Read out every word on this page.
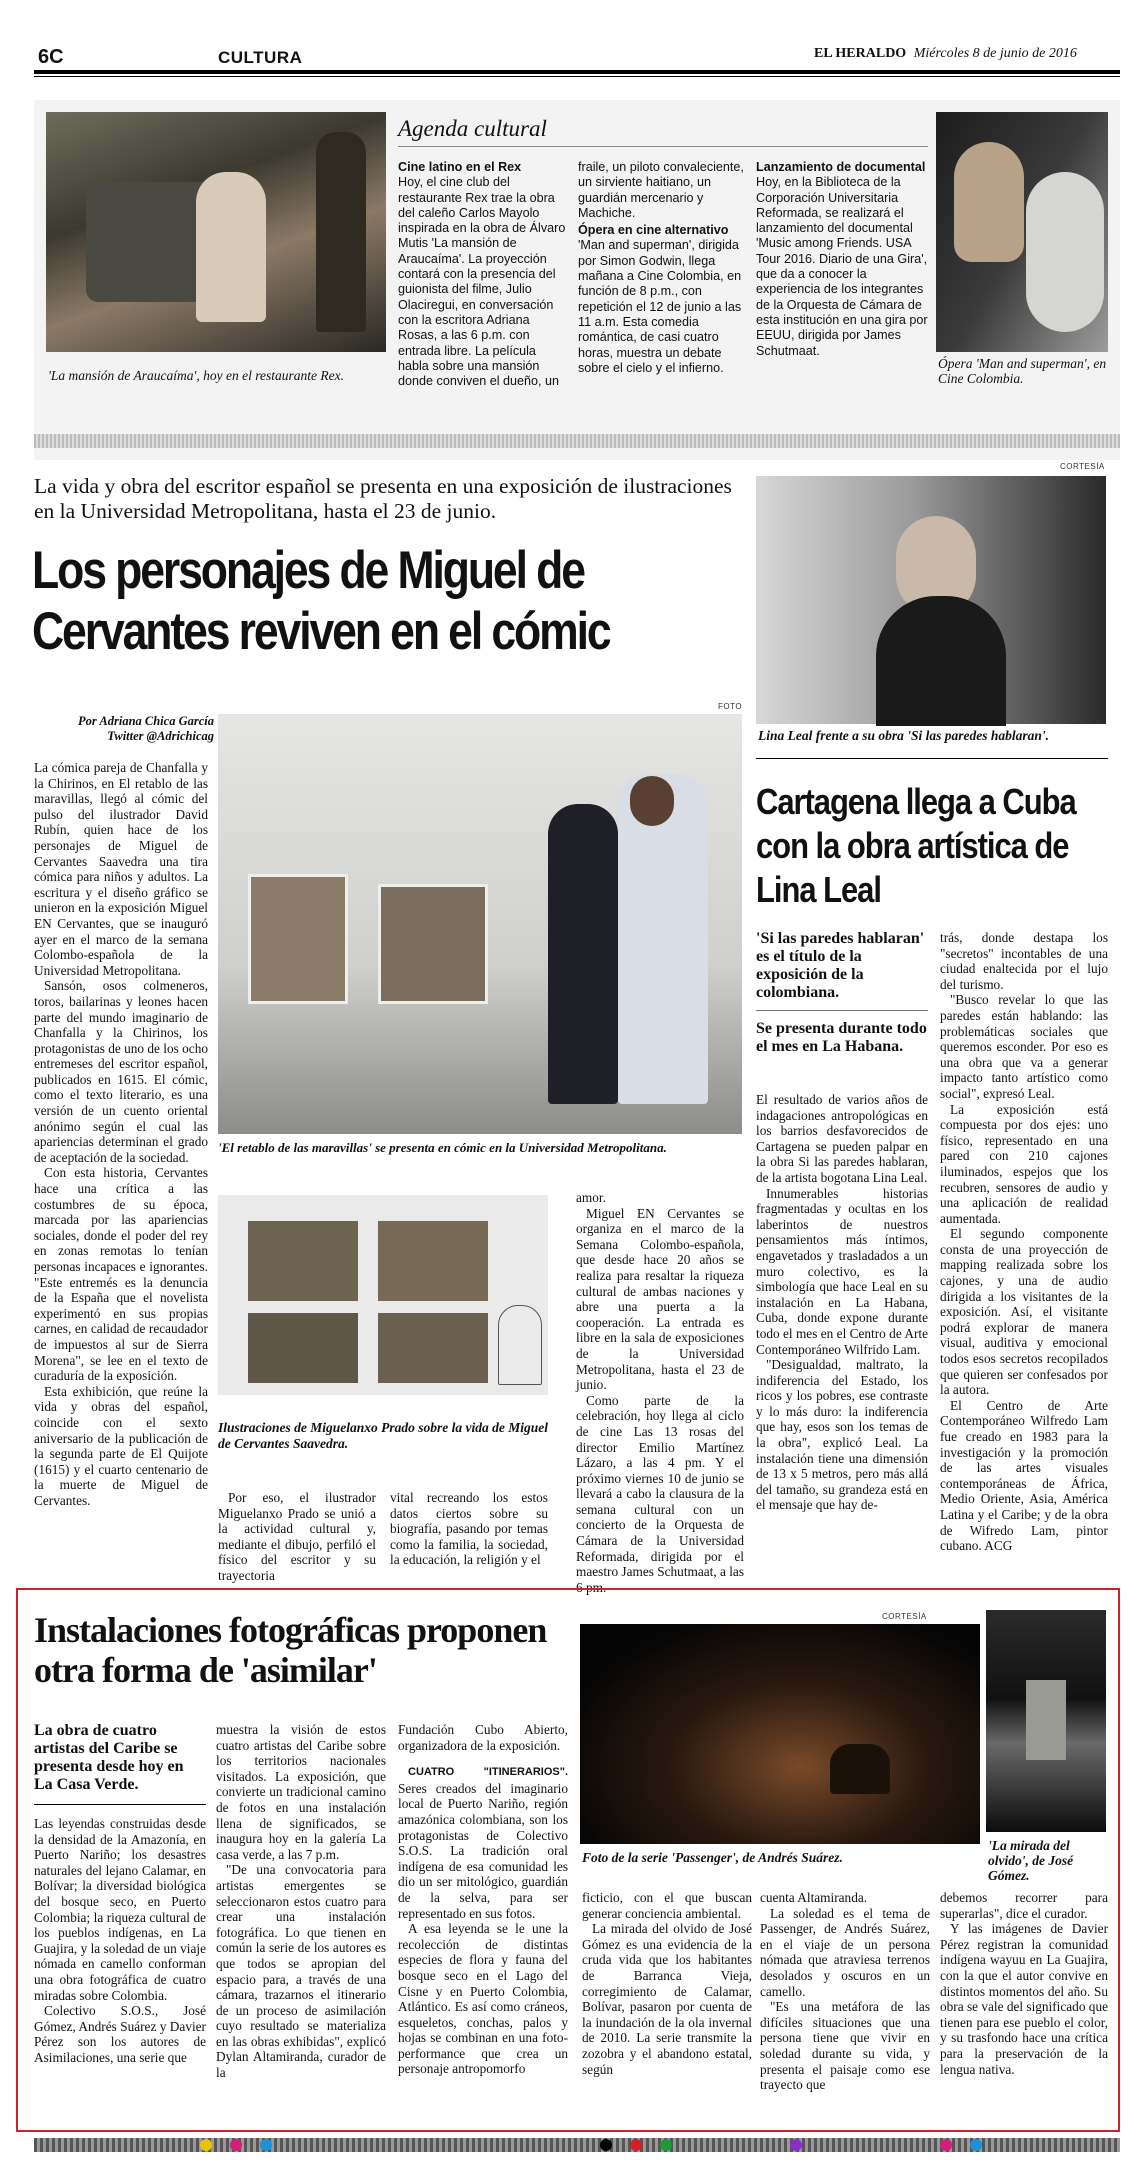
6C	CULTURA	EL HERALDO Miércoles 8 de junio de 2016
'La mansión de Araucaíma', hoy en el restaurante Rex.
Agenda cultural
Cine latino en el Rex
Hoy, el cine club del restaurante Rex trae la obra del caleño Carlos Mayolo inspirada en la obra de Álvaro Mutis 'La mansión de Araucaíma'. La proyección contará con la presencia del guionista del filme, Julio Olaciregui, en conversación con la escritora Adriana Rosas, a las 6 p.m. con entrada libre. La película habla sobre una mansión donde conviven el dueño, un
fraile, un piloto convaleciente, un sirviente haitiano, un guardián mercenario y Machiche.
Ópera en cine alternativo
'Man and superman', dirigida por Simon Godwin, llega mañana a Cine Colombia, en función de 8 p.m., con repetición el 12 de junio a las 11 a.m. Esta comedia romántica, de casi cuatro horas, muestra un debate sobre el cielo y el infierno.
Lanzamiento de documental
Hoy, en la Biblioteca de la Corporación Universitaria Reformada, se realizará el lanzamiento del documental 'Music among Friends. USA Tour 2016. Diario de una Gira', que da a conocer la experiencia de los integrantes de la Orquesta de Cámara de esta institución en una gira por EEUU, dirigida por James Schutmaat.
Ópera 'Man and superman', en Cine Colombia.
La vida y obra del escritor español se presenta en una exposición de ilustraciones en la Universidad Metropolitana, hasta el 23 de junio.
Los personajes de Miguel de Cervantes reviven en el cómic
Por Adriana Chica García
Twitter @Adrichicag
FOTO

La cómica pareja de Chanfalla y la Chirinos, en El retablo de las maravillas, llegó al cómic del pulso del ilustrador David Rubín, quien hace de los personajes de Miguel de Cervantes Saavedra una tira cómica para niños y adultos. La escritura y el diseño gráfico se unieron en la exposición Miguel EN Cervantes, que se inauguró ayer en el marco de la semana Colombo-española de la Universidad Metropolitana.

Sansón, osos colmeneros, toros, bailarinas y leones hacen parte del mundo imaginario de Chanfalla y la Chirinos, los protagonistas de uno de los ocho entremeses del escritor español, publicados en 1615. El cómic, como el texto literario, es una versión de un cuento oriental anónimo según el cual las apariencias determinan el grado de aceptación de la sociedad.

Con esta historia, Cervantes hace una crítica a las costumbres de su época, marcada por las apariencias sociales, donde el poder del rey en zonas remotas lo tenían personas incapaces e ignorantes. "Este entremés es la denuncia de la España que el novelista experimentó en sus propias carnes, en calidad de recaudador de impuestos al sur de Sierra Morena", se lee en el texto de curaduría de la exposición.

Esta exhibición, que reúne la vida y obras del español, coincide con el sexto aniversario de la publicación de la segunda parte de El Quijote (1615) y el cuarto centenario de la muerte de Miguel de Cervantes.

'El retablo de las maravillas' se presenta en cómic en la Universidad Metropolitana.
Ilustraciones de Miguelanxo Prado sobre la vida de Miguel de Cervantes Saavedra.

Por eso, el ilustrador Miguelanxo Prado se unió a la actividad cultural y, mediante el dibujo, perfiló el físico del escritor y su trayectoria

vital recreando los estos datos ciertos sobre su biografía, pasando por temas como la familia, la sociedad, la educación, la religión y el

amor.

Miguel EN Cervantes se organiza en el marco de la Semana Colombo-española, que desde hace 20 años se realiza para resaltar la riqueza cultural de ambas naciones y abre una puerta a la cooperación. La entrada es libre en la sala de exposiciones de la Universidad Metropolitana, hasta el 23 de junio.

Como parte de la celebración, hoy llega al ciclo de cine Las 13 rosas del director Emilio Martínez Lázaro, a las 4 pm. Y el próximo viernes 10 de junio se llevará a cabo la clausura de la semana cultural con un concierto de la Orquesta de Cámara de la Universidad Reformada, dirigida por el maestro James Schutmaat, a las 6 pm.

CORTESÍA
Lina Leal frente a su obra 'Si las paredes hablaran'.
Cartagena llega a Cuba con la obra artística de Lina Leal
'Si las paredes hablaran' es el título de la exposición de la colombiana.
Se presenta durante todo el mes en La Habana.

El resultado de varios años de indagaciones antropológicas en los barrios desfavorecidos de Cartagena se pueden palpar en la obra Si las paredes hablaran, de la artista bogotana Lina Leal.

Innumerables historias fragmentadas y ocultas en los laberintos de nuestros pensamientos más íntimos, engavetados y trasladados a un muro colectivo, es la simbología que hace Leal en su instalación en La Habana, Cuba, donde expone durante todo el mes en el Centro de Arte Contemporáneo Wilfrido Lam.

"Desigualdad, maltrato, la indiferencia del Estado, los ricos y los pobres, ese contraste y lo más duro: la indiferencia que hay, esos son los temas de la obra", explicó Leal. La instalación tiene una dimensión de 13 x 5 metros, pero más allá del tamaño, su grandeza está en el mensaje que hay de-

trás, donde destapa los "secretos" incontables de una ciudad enaltecida por el lujo del turismo.

"Busco revelar lo que las paredes están hablando: las problemáticas sociales que queremos esconder. Por eso es una obra que va a generar impacto tanto artístico como social", expresó Leal.

La exposición está compuesta por dos ejes: uno físico, representado en una pared con 210 cajones iluminados, espejos que los recubren, sensores de audio y una aplicación de realidad aumentada.

El segundo componente consta de una proyección de mapping realizada sobre los cajones, y una de audio dirigida a los visitantes de la exposición. Así, el visitante podrá explorar de manera visual, auditiva y emocional todos esos secretos recopilados que quieren ser confesados por la autora.

El Centro de Arte Contemporáneo Wilfredo Lam fue creado en 1983 para la investigación y la promoción de las artes visuales contemporáneas de África, Medio Oriente, Asia, América Latina y el Caribe; y de la obra de Wifredo Lam, pintor cubano. ACG

Instalaciones fotográficas proponen otra forma de 'asimilar'
CORTESÍA
Foto de la serie 'Passenger', de Andrés Suárez.
'La mirada del olvido', de José Gómez.
La obra de cuatro artistas del Caribe se presenta desde hoy en La Casa Verde.

Las leyendas construidas desde la densidad de la Amazonía, en Puerto Nariño; los desastres naturales del lejano Calamar, en Bolívar; la diversidad biológica del bosque seco, en Puerto Colombia; la riqueza cultural de los pueblos indígenas, en La Guajira, y la soledad de un viaje nómada en camello conforman una obra fotográfica de cuatro miradas sobre Colombia.

Colectivo S.O.S., José Gómez, Andrés Suárez y Davier Pérez son los autores de Asimilaciones, una serie que

muestra la visión de estos cuatro artistas del Caribe sobre los territorios nacionales visitados. La exposición, que convierte un tradicional camino de fotos en una instalación llena de significados, se inaugura hoy en la galería La casa verde, a las 7 p.m.

"De una convocatoria para artistas emergentes se seleccionaron estos cuatro para crear una instalación fotográfica. Lo que tienen en común la serie de los autores es que todos se apropian del espacio para, a través de una cámara, trazarnos el itinerario de un proceso de asimilación cuyo resultado se materializa en las obras exhibidas", explicó Dylan Altamiranda, curador de la

Fundación Cubo Abierto, organizadora de la exposición.

CUATRO "ITINERARIOS". Seres creados del imaginario local de Puerto Nariño, región amazónica colombiana, son los protagonistas de Colectivo S.O.S. La tradición oral indígena de esa comunidad les dio un ser mitológico, guardián de la selva, para ser representado en sus fotos.

A esa leyenda se le une la recolección de distintas especies de flora y fauna del bosque seco en el Lago del Cisne y en Puerto Colombia, Atlántico. Es así como cráneos, esqueletos, conchas, palos y hojas se combinan en una foto-performance que crea un personaje antropomorfo

ficticio, con el que buscan generar conciencia ambiental.

La mirada del olvido de José Gómez es una evidencia de la cruda vida que los habitantes de Barranca Vieja, corregimiento de Calamar, Bolívar, pasaron por cuenta de la inundación de la ola invernal de 2010. La serie transmite la zozobra y el abandono estatal, según

cuenta Altamiranda.

La soledad es el tema de Passenger, de Andrés Suárez, en el viaje de un persona nómada que atraviesa terrenos desolados y oscuros en un camello.

"Es una metáfora de las difíciles situaciones que una persona tiene que vivir en soledad durante su vida, y presenta el paisaje como ese trayecto que

debemos recorrer para superarlas", dice el curador.

Y las imágenes de Davier Pérez registran la comunidad indígena wayuu en La Guajira, con la que el autor convive en distintos momentos del año. Su obra se vale del significado que tienen para ese pueblo el color, y su trasfondo hace una crítica para la preservación de la lengua nativa.
